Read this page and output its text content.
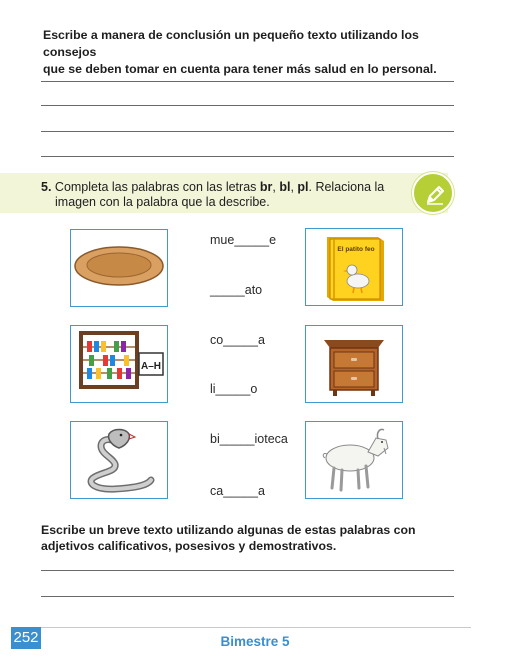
Escribe a manera de conclusión un pequeño texto utilizando los consejos
que se deben tomar en cuenta para tener más salud en lo personal.
5. Completa las palabras con las letras br, bl, pl. Relaciona la
imagen con la palabra que la describe.
A–H
mue_____e
_____ato
co_____a
li_____o
bi_____ioteca
ca_____a
El patito feo
Escribe un breve texto utilizando algunas de estas palabras con
adjetivos calificativos, posesivos y demostrativos.
252	Bimestre 5
